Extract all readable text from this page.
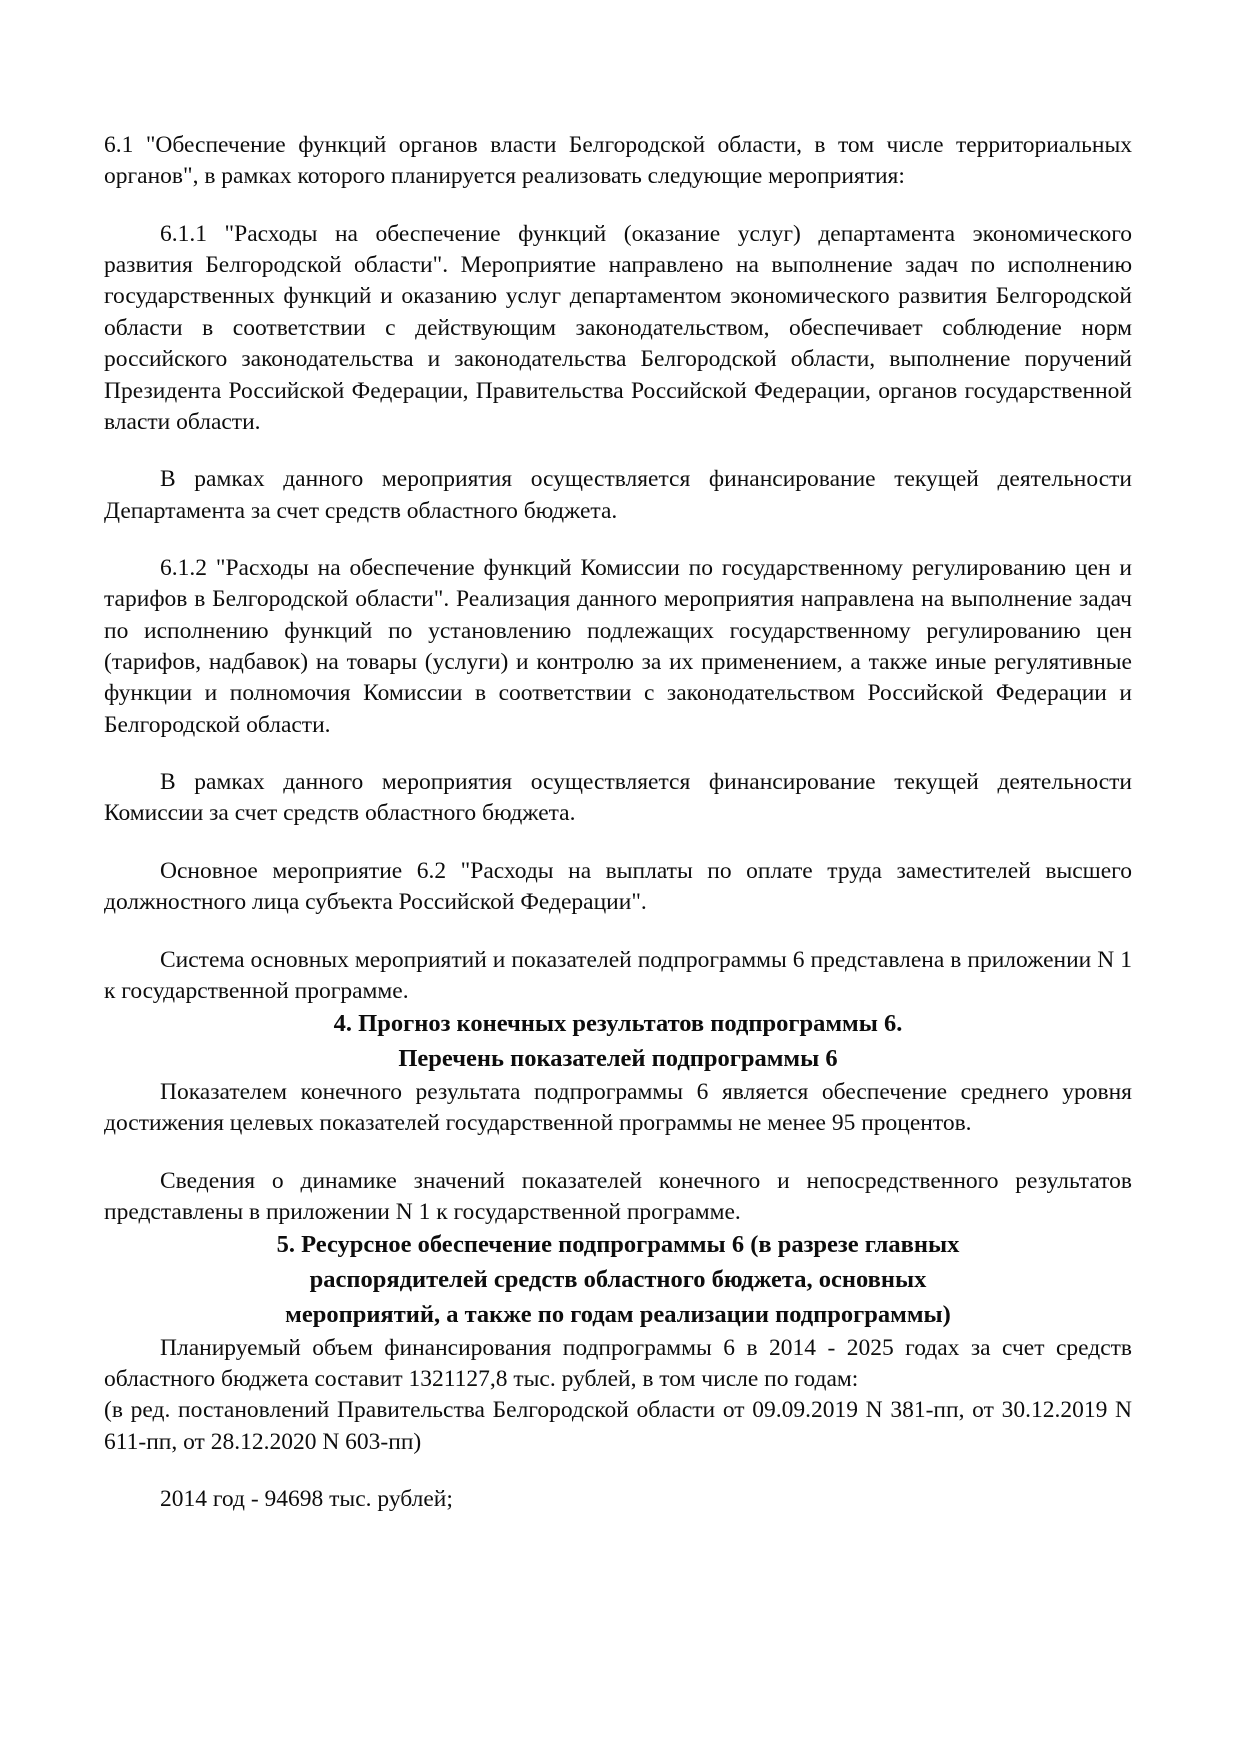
6.1 "Обеспечение функций органов власти Белгородской области, в том числе территориальных органов", в рамках которого планируется реализовать следующие мероприятия:

6.1.1 "Расходы на обеспечение функций (оказание услуг) департамента экономического развития Белгородской области". Мероприятие направлено на выполнение задач по исполнению государственных функций и оказанию услуг департаментом экономического развития Белгородской области в соответствии с действующим законодательством, обеспечивает соблюдение норм российского законодательства и законодательства Белгородской области, выполнение поручений Президента Российской Федерации, Правительства Российской Федерации, органов государственной власти области.

В рамках данного мероприятия осуществляется финансирование текущей деятельности Департамента за счет средств областного бюджета.

6.1.2 "Расходы на обеспечение функций Комиссии по государственному регулированию цен и тарифов в Белгородской области". Реализация данного мероприятия направлена на выполнение задач по исполнению функций по установлению подлежащих государственному регулированию цен (тарифов, надбавок) на товары (услуги) и контролю за их применением, а также иные регулятивные функции и полномочия Комиссии в соответствии с законодательством Российской Федерации и Белгородской области.

В рамках данного мероприятия осуществляется финансирование текущей деятельности Комиссии за счет средств областного бюджета.

Основное мероприятие 6.2 "Расходы на выплаты по оплате труда заместителей высшего должностного лица субъекта Российской Федерации".

Система основных мероприятий и показателей подпрограммы 6 представлена в приложении N 1 к государственной программе.

4. Прогноз конечных результатов подпрограммы 6.
Перечень показателей подпрограммы 6

Показателем конечного результата подпрограммы 6 является обеспечение среднего уровня достижения целевых показателей государственной программы не менее 95 процентов.

Сведения о динамике значений показателей конечного и непосредственного результатов представлены в приложении N 1 к государственной программе.

5. Ресурсное обеспечение подпрограммы 6 (в разрезе главных
распорядителей средств областного бюджета, основных
мероприятий, а также по годам реализации подпрограммы)

Планируемый объем финансирования подпрограммы 6 в 2014 - 2025 годах за счет средств областного бюджета составит 1321127,8 тыс. рублей, в том числе по годам:

(в ред. постановлений Правительства Белгородской области от 09.09.2019 N 381-пп, от 30.12.2019 N 611-пп, от 28.12.2020 N 603-пп)

2014 год - 94698 тыс. рублей;
